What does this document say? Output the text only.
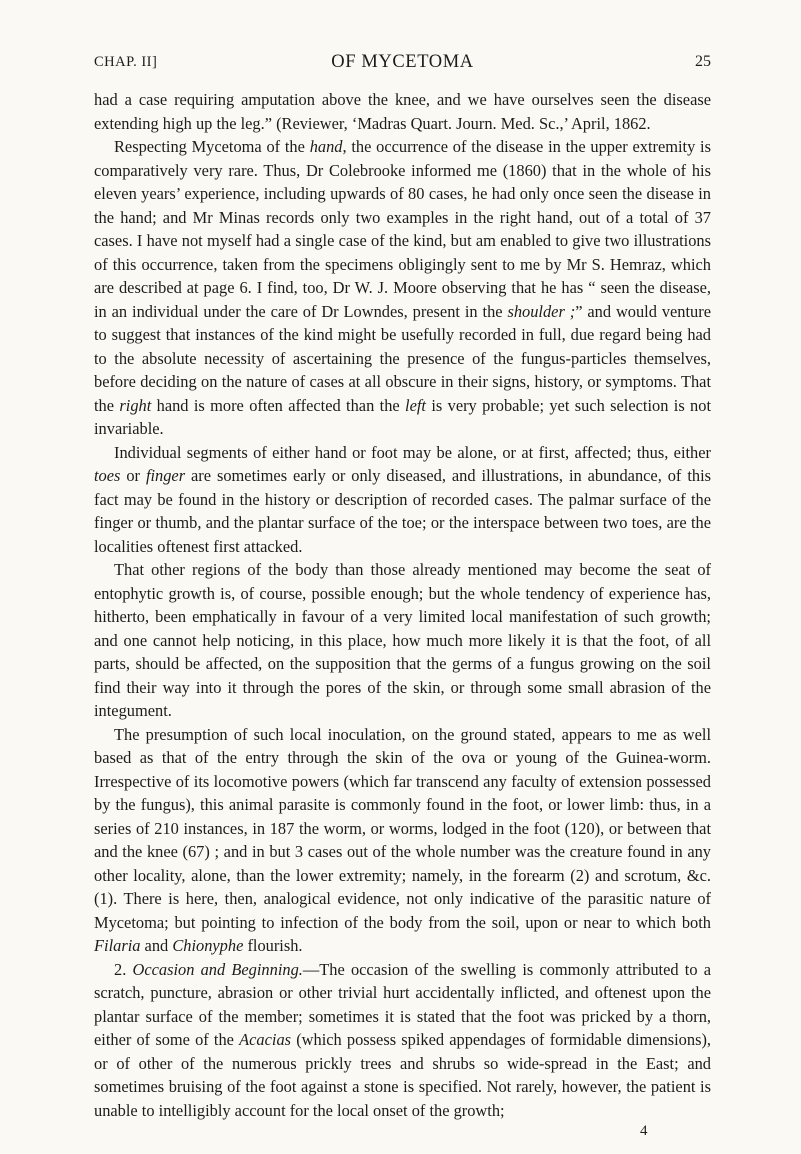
CHAP. II]	OF MYCETOMA	25

had a case requiring amputation above the knee, and we have ourselves seen the disease extending high up the leg.” (Reviewer, ‘Madras Quart. Journ. Med. Sc.,’ April, 1862.

Respecting Mycetoma of the hand, the occurrence of the disease in the upper extremity is comparatively very rare. Thus, Dr Colebrooke informed me (1860) that in the whole of his eleven years’ experience, including upwards of 80 cases, he had only once seen the disease in the hand; and Mr Minas records only two examples in the right hand, out of a total of 37 cases. I have not myself had a single case of the kind, but am enabled to give two illustrations of this occurrence, taken from the specimens obligingly sent to me by Mr S. Hemraz, which are described at page 6. I find, too, Dr W. J. Moore observing that he has “ seen the disease, in an individual under the care of Dr Lowndes, present in the shoulder ;” and would venture to suggest that instances of the kind might be usefully recorded in full, due regard being had to the absolute necessity of ascertaining the presence of the fungus-particles themselves, before deciding on the nature of cases at all obscure in their signs, history, or symptoms. That the right hand is more often affected than the left is very probable; yet such selection is not invariable.

Individual segments of either hand or foot may be alone, or at first, affected; thus, either toes or finger are sometimes early or only diseased, and illustrations, in abundance, of this fact may be found in the history or description of recorded cases. The palmar surface of the finger or thumb, and the plantar surface of the toe; or the interspace between two toes, are the localities oftenest first attacked.

That other regions of the body than those already mentioned may become the seat of entophytic growth is, of course, possible enough; but the whole tendency of experience has, hitherto, been emphatically in favour of a very limited local manifestation of such growth; and one cannot help noticing, in this place, how much more likely it is that the foot, of all parts, should be affected, on the supposition that the germs of a fungus growing on the soil find their way into it through the pores of the skin, or through some small abrasion of the integument.

The presumption of such local inoculation, on the ground stated, appears to me as well based as that of the entry through the skin of the ova or young of the Guinea-worm. Irrespective of its locomotive powers (which far transcend any faculty of extension possessed by the fungus), this animal parasite is commonly found in the foot, or lower limb: thus, in a series of 210 instances, in 187 the worm, or worms, lodged in the foot (120), or between that and the knee (67) ; and in but 3 cases out of the whole number was the creature found in any other locality, alone, than the lower extremity; namely, in the forearm (2) and scrotum, &c. (1). There is here, then, analogical evidence, not only indicative of the parasitic nature of Mycetoma; but pointing to infection of the body from the soil, upon or near to which both Filaria and Chionyphe flourish.

2. Occasion and Beginning.—The occasion of the swelling is commonly attributed to a scratch, puncture, abrasion or other trivial hurt accidentally inflicted, and oftenest upon the plantar surface of the member; sometimes it is stated that the foot was pricked by a thorn, either of some of the Acacias (which possess spiked appendages of formidable dimensions), or of other of the numerous prickly trees and shrubs so wide-spread in the East; and sometimes bruising of the foot against a stone is specified. Not rarely, however, the patient is unable to intelligibly account for the local onset of the growth;

4
